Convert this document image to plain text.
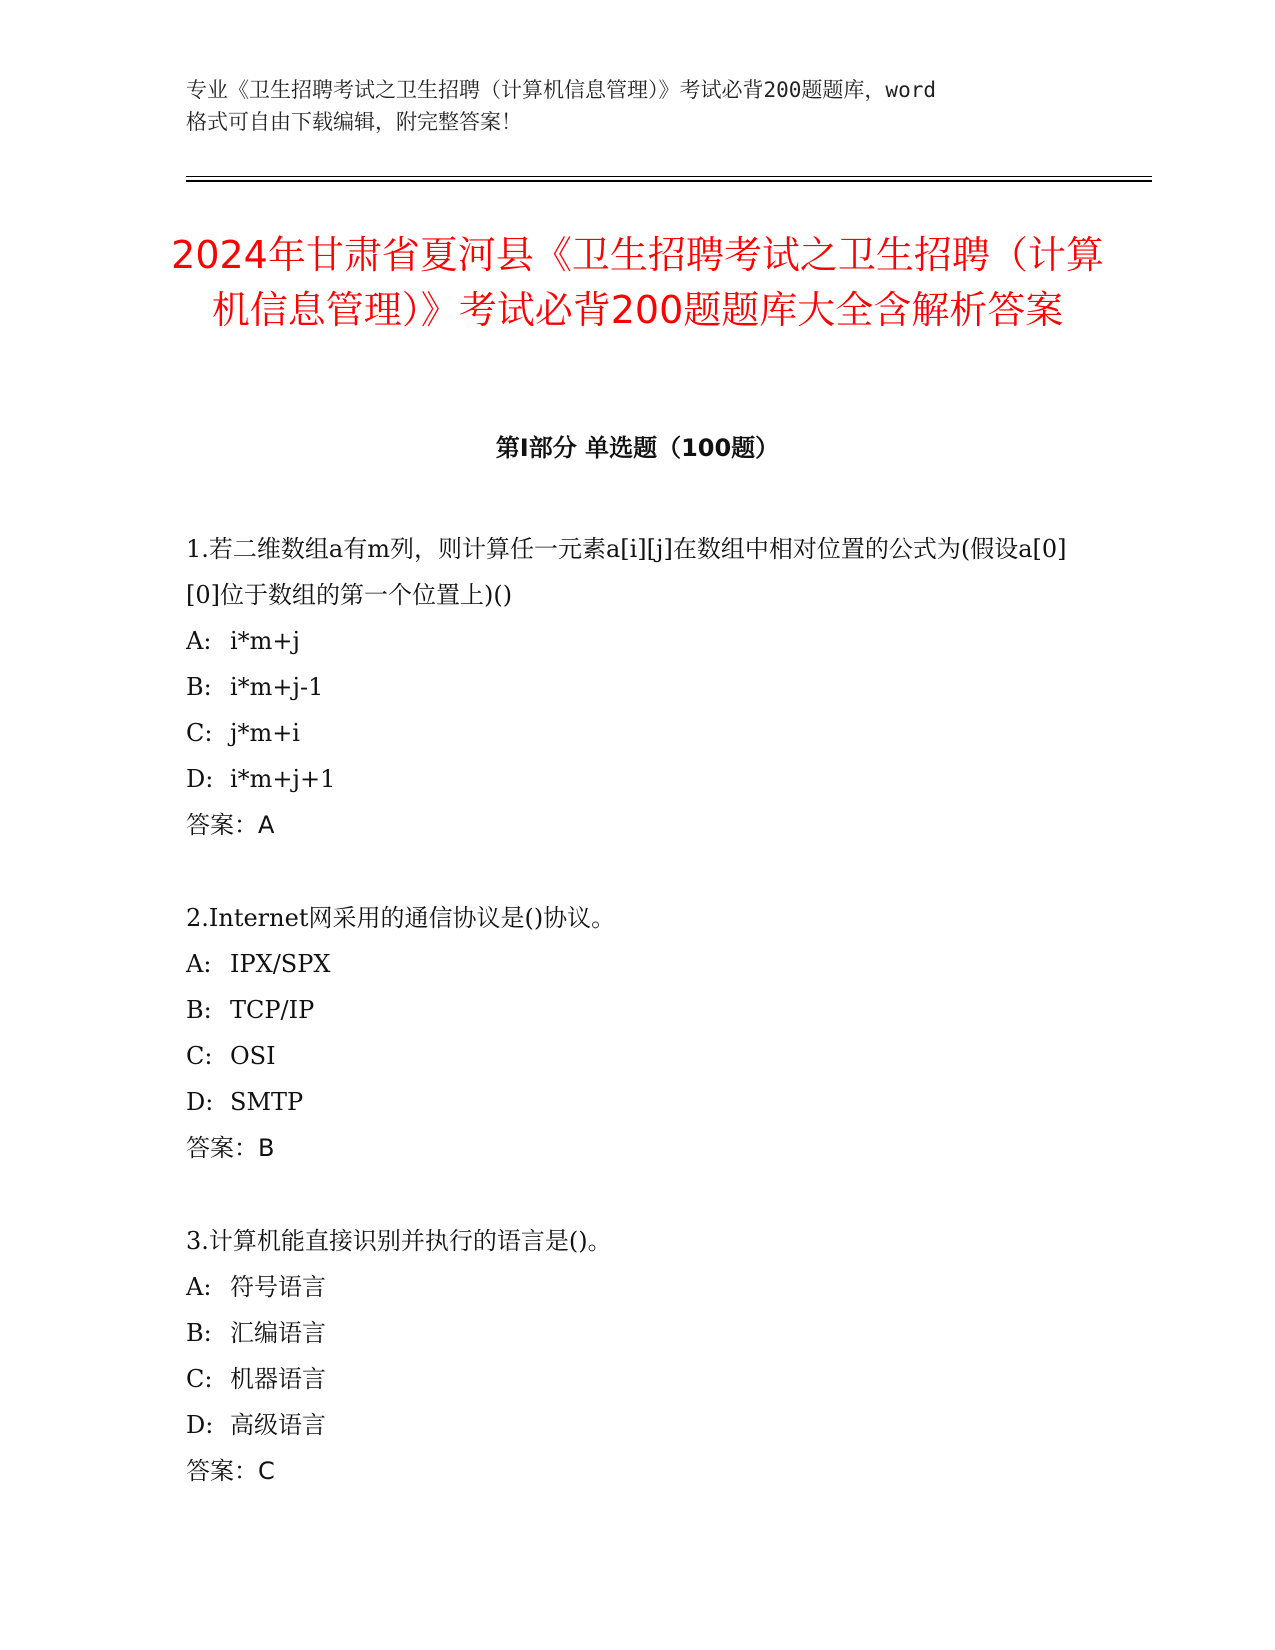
专业《卫生招聘考试之卫生招聘（计算机信息管理）》考试必背200题题库，word
格式可自由下载编辑，附完整答案！
2024年甘肃省夏河县《卫生招聘考试之卫生招聘（计算机信息管理）》考试必背200题题库大全含解析答案
第I部分 单选题（100题）

1.若二维数组a有m列，则计算任一元素a[i][j]在数组中相对位置的公式为(假设a[0][0]位于数组的第一个位置上)()

A: i*m+j

B: i*m+j-1

C: j*m+i

D: i*m+j+1

答案：A

2.Internet网采用的通信协议是()协议。

A: IPX/SPX

B: TCP/IP

C: OSI

D: SMTP

答案：B

3.计算机能直接识别并执行的语言是()。

A: 符号语言

B: 汇编语言

C: 机器语言

D: 高级语言

答案：C
